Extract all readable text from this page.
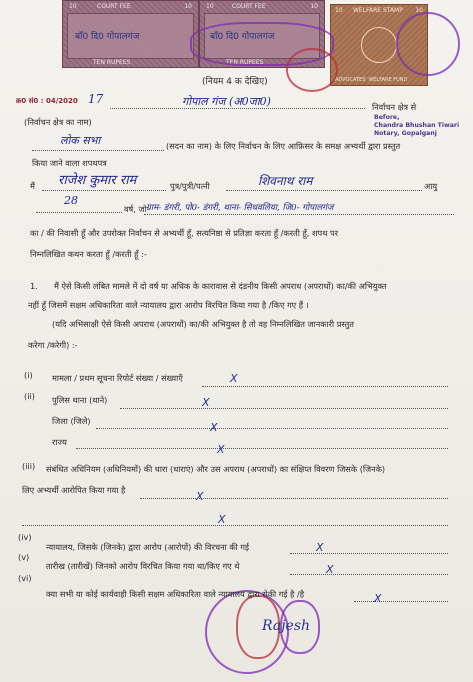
10	COURT FEE	10
बाँ0 दि0 गोपालगंज
TEN RUPEES
10	COURT FEE	10
बाँ0 दि0 गोपालगंज
TEN RUPEES
10 WELFARE STAMP 10
ADVOCATES' WELFARE FUND
Before,
Chandra Bhushan Tiwari
Notary, Gopalganj
(नियम 4 क देखिए)
क्र0 सं0 : 04/2020 17	गोपाल गंज (अ0जा0)	निर्वाचन क्षेत्र से
(निर्वाचन क्षेत्र का नाम)
लोक सभा	(सदन का नाम) के लिए निर्वाचन के लिए आफ़िसर के समक्ष अभ्यर्थी द्वारा प्रस्तुत
किया जाने वाला शपथपत्र
मैं राजेश कुमार राम	पुत्र/पुत्री/पत्नी	शिवनाथ राम	आयु
28
वर्ष, जो ग्राम- डंगरी, पो0- डंगरी, थाना- सिधवलिया, जि0- गोपालगंज
का / की निवासी हूँ और उपरोक्त निर्वाचन से अभ्यर्थी हूँ, सत्यनिष्ठा से प्रतिज्ञा करता हूँ /करती हूँ, शपथ पर
निम्नलिखित कथन करता हूँ /करती हूँ :-
1. मैं ऐसे किसी लंबित मामले में दो वर्ष या अधिक के कारावास से दंडनीय किसी अपराध (अपराधों) का/की अभियुक्त
नहीं हूँ जिसमें सक्षम अधिकारिता वाले न्यायालय द्वारा आरोप विरचित किया गया है /किए गए हैं ।
(यदि अभिसाक्षी ऐसे किसी अपराध (अपराधों) का/की अभियुक्त है तो वह निम्नलिखित जानकारी प्रस्तुत
करेगा /करेगी) :-
(i) मामला / प्रथम सूचना रिपोर्ट संख्या / संख्याएँ	X
(ii) पुलिस थाना (थाने)	X
जिला (जिले)	X
राज्य
X
(iii) संबंधित अधिनियम (अधिनियमों) की धारा (धाराएं) और उस अपराध (अपराधों) का संक्षिप्त विवरण जिसके (जिनके)
लिए अभ्यर्थी आरोपित किया गया है	X
X
(iv)
न्यायालय, जिसके (जिनके) द्वारा आरोप (आरोपों) की विरचना की गई	X
(v)
तारीख (तारीखें) जिनको आरोप विरचित किया गया था/किए गए थे	X
(vi)
क्या सभी या कोई कार्यवाही किसी सक्षम अधिकारिता वाले न्यायालय द्वारा रोकी गई है /है	X
Rajesh
